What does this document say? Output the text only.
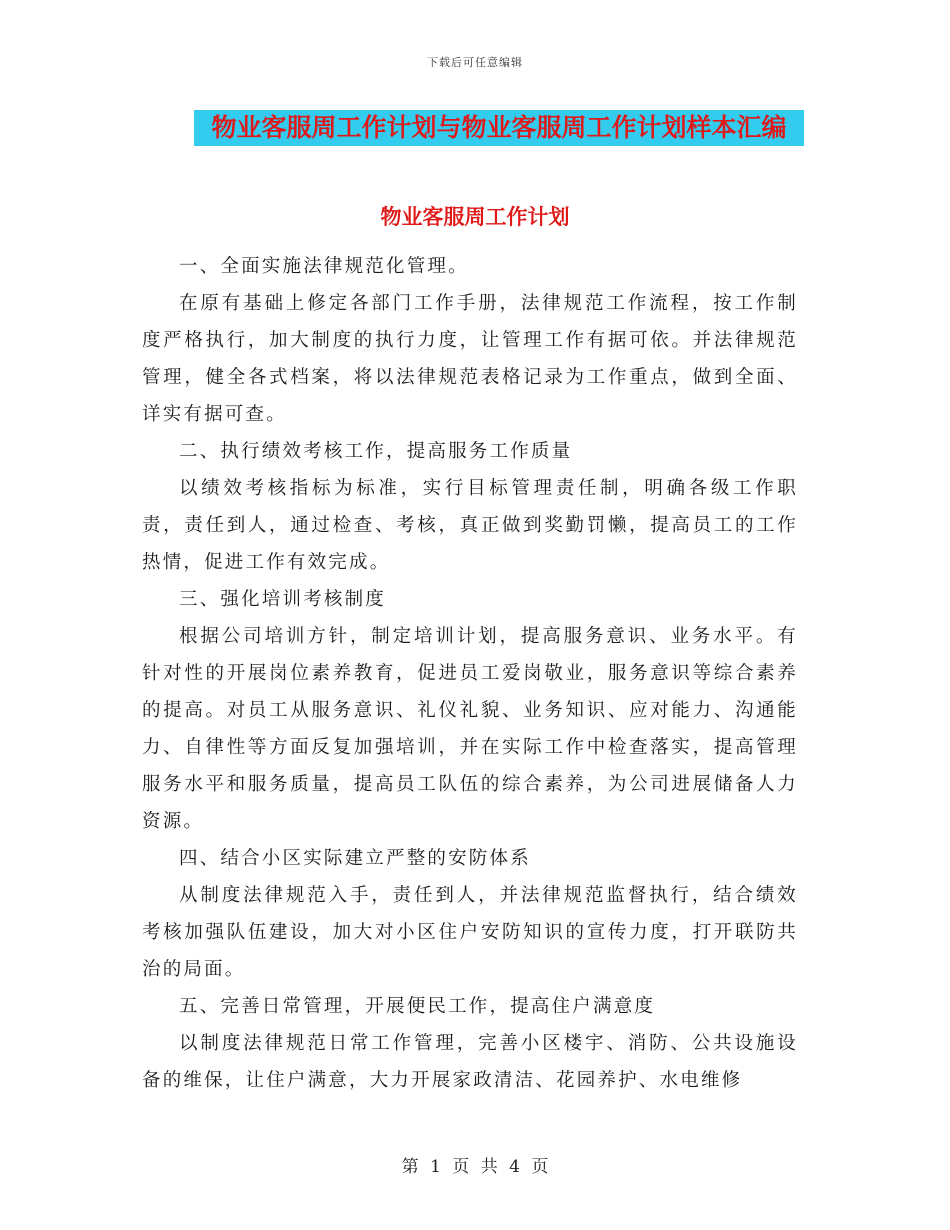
下载后可任意编辑
物业客服周工作计划与物业客服周工作计划样本汇编
物业客服周工作计划

一、全面实施法律规范化管理。

在原有基础上修定各部门工作手册，法律规范工作流程，按工作制度严格执行，加大制度的执行力度，让管理工作有据可依。并法律规范管理，健全各式档案，将以法律规范表格记录为工作重点，做到全面、详实有据可查。

二、执行绩效考核工作，提高服务工作质量

以绩效考核指标为标准，实行目标管理责任制，明确各级工作职责，责任到人，通过检查、考核，真正做到奖勤罚懒，提高员工的工作热情，促进工作有效完成。

三、强化培训考核制度

根据公司培训方针，制定培训计划，提高服务意识、业务水平。有针对性的开展岗位素养教育，促进员工爱岗敬业，服务意识等综合素养的提高。对员工从服务意识、礼仪礼貌、业务知识、应对能力、沟通能力、自律性等方面反复加强培训，并在实际工作中检查落实，提高管理服务水平和服务质量，提高员工队伍的综合素养，为公司进展储备人力资源。

四、结合小区实际建立严整的安防体系

从制度法律规范入手，责任到人，并法律规范监督执行，结合绩效考核加强队伍建设，加大对小区住户安防知识的宣传力度，打开联防共治的局面。

五、完善日常管理，开展便民工作，提高住户满意度

以制度法律规范日常工作管理，完善小区楼宇、消防、公共设施设备的维保，让住户满意，大力开展家政清洁、花园养护、水电维修

第 1 页 共 4 页
